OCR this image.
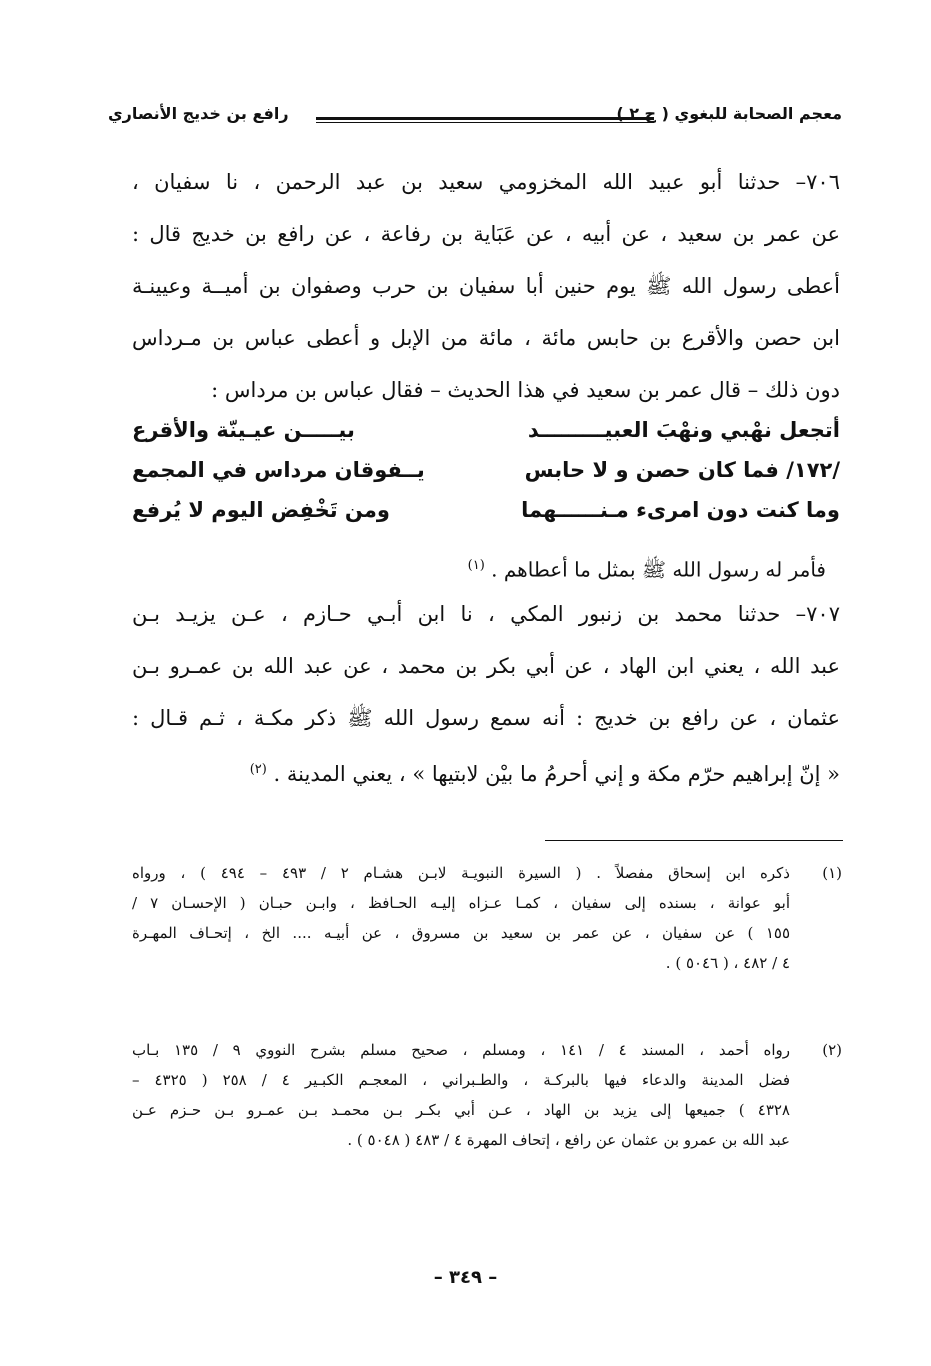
معجم الصحابة للبغوي ( ج ٢ )
رافع بن خديج الأنصاري
٧٠٦– حدثنا أبو عبيد الله المخزومي سعيد بن عبد الرحمن ، نا سفيان ،
عن عمر بن سعيد ، عن أبيه ، عن عَبَاية بن رفاعة ، عن رافع بن خديج قال :
أعطى رسول الله ﷺ يوم حنين أبا سفيان بن حرب وصفوان بن أميــة وعيينـة
ابن حصن والأقرع بن حابس مائة ، مائة من الإبل و أعطى عباس بن مـرداس
دون ذلك – قال عمر بن سعيد في هذا الحديث – فقال عباس بن مرداس :
أتجعل نهْبي ونهْبَ العبيـــــــــد
بيـــــن عيـينّة والأقرع
/١٧٢/ فما كان حصن و لا حابس
يــفوقان مرداس في المجمع
وما كنت دون امرىء مـنــــــهما
ومن تَخْفِض اليوم لا يُرفع
فأمر له رسول الله ﷺ بمثل ما أعطاهم . $^{(١)}$
٧٠٧– حدثنا محمد بن زنبور المكي ، نا ابن أبـي حـازم ، عـن يزيـد بـن
عبد الله ، يعني ابن الهاد ، عن أبي بكر بن محمد ، عن عبد الله بن عمـرو بـن
عثمان ، عن رافع بن خديج : أنه سمع رسول الله ﷺ ذكر مكـة ، ثـم قـال :
« إنّ إبراهيم حرّم مكة و إني أحرمُ ما بيْن لابتيها » ، يعني المدينة . $^{(٢)}$
(١)
ذكره ابن إسحاق مفصلاً . ( السيرة النبويـة لابـن هشـام ٢ / ٤٩٣ – ٤٩٤ ) ، ورواه
أبو عوانة ، بسنده إلى سفيان ، كمـا عـزاه إليـه الحـافظ ، وابـن حبـان ( الإحسـان ٧ /
١٥٥ ) عن سفيان ، عن عمر بن سعيد بن مسروق ، عن أبيـه .... الخ ، إتحـاف المهـرة
٤ / ٤٨٢ ، ( ٥٠٤٦ ) .
(٢)
رواه أحمد ، المسند ٤ / ١٤١ ، ومسلم ، صحيح مسلم بشرح النووي ٩ / ١٣٥ بـاب
فضل المدينة والدعاء فيها بالبركـة ، والطـبراني ، المعجـم الكبـير ٤ / ٢٥٨ ( ٤٣٢٥ –
٤٣٢٨ ) جميعها إلى يزيد بن الهاد ، عـن أبي بكـر بـن محمـد بـن عمـرو بـن حـزم عـن
عبد الله بن عمرو بن عثمان عن رافع ، إتحاف المهرة ٤ / ٤٨٣ ( ٥٠٤٨ ) .
– ٣٤٩ –
